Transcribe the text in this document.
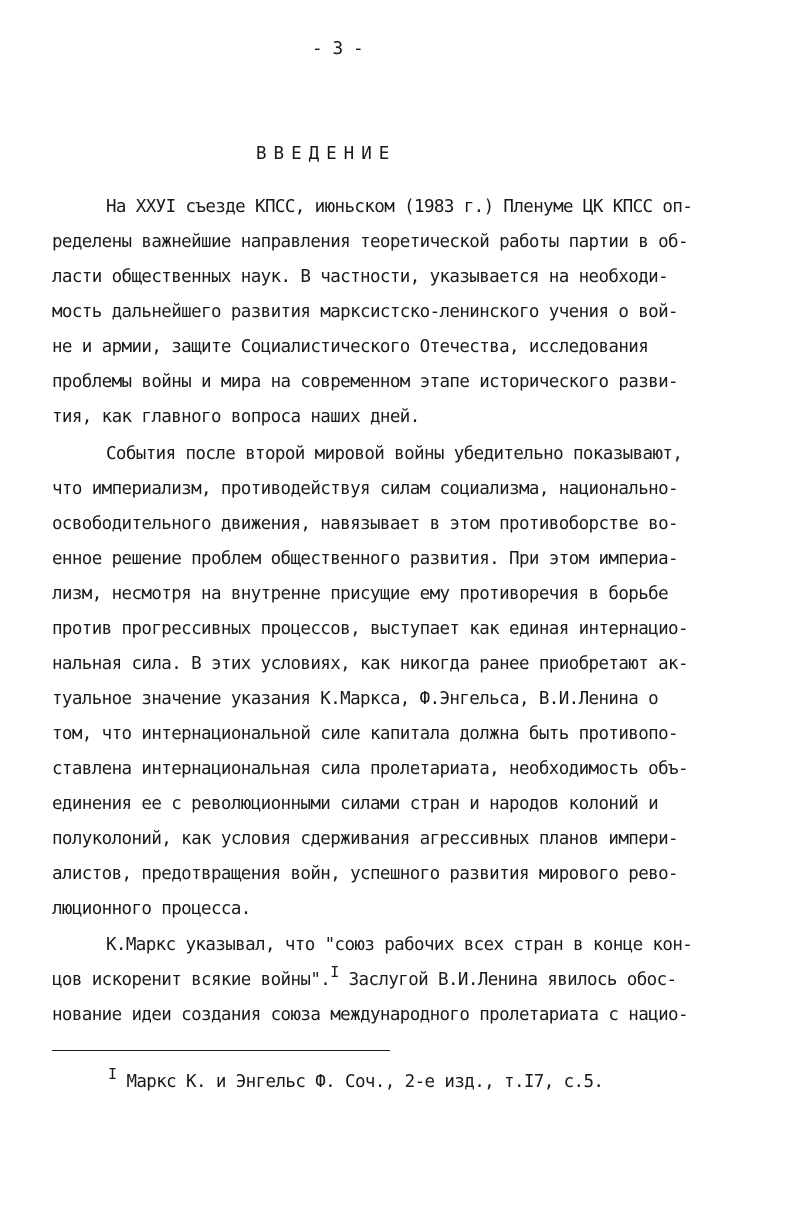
- 3 -
ВВЕДЕНИЕ
На ХХУI съезде КПСС, июньском (1983 г.) Пленуме ЦК КПСС оп-
ределены важнейшие направления теоретической работы партии в об-
ласти общественных наук. В частности, указывается на необходи-
мость дальнейшего развития марксистско-ленинского учения о вой-
не и армии, защите Социалистического Отечества, исследования
проблемы войны и мира на современном этапе исторического разви-
тия, как главного вопроса наших дней.
События после второй мировой войны убедительно показывают,
что империализм, противодействуя силам социализма, национально-
освободительного движения, навязывает в этом противоборстве во-
енное решение проблем общественного развития. При этом империа-
лизм, несмотря на внутренне присущие ему противоречия в борьбе
против прогрессивных процессов, выступает как единая интернацио-
нальная сила. В этих условиях, как никогда ранее приобретают ак-
туальное значение указания К.Маркса, Ф.Энгельса, В.И.Ленина о
том, что интернациональной силе капитала должна быть противопо-
ставлена интернациональная сила пролетариата, необходимость объ-
единения ее с революционными силами стран и народов колоний и
полуколоний, как условия сдерживания агрессивных планов импери-
алистов, предотвращения войн, успешного развития мирового рево-
люционного процесса.
К.Маркс указывал, что "союз рабочих всех стран в конце кон-
цов искоренит всякие войны".I Заслугой В.И.Ленина явилось обос-
нование идеи создания союза международного пролетариата с нацио-
I Маркс К. и Энгельс Ф. Соч., 2-е изд., т.I7, с.5.
